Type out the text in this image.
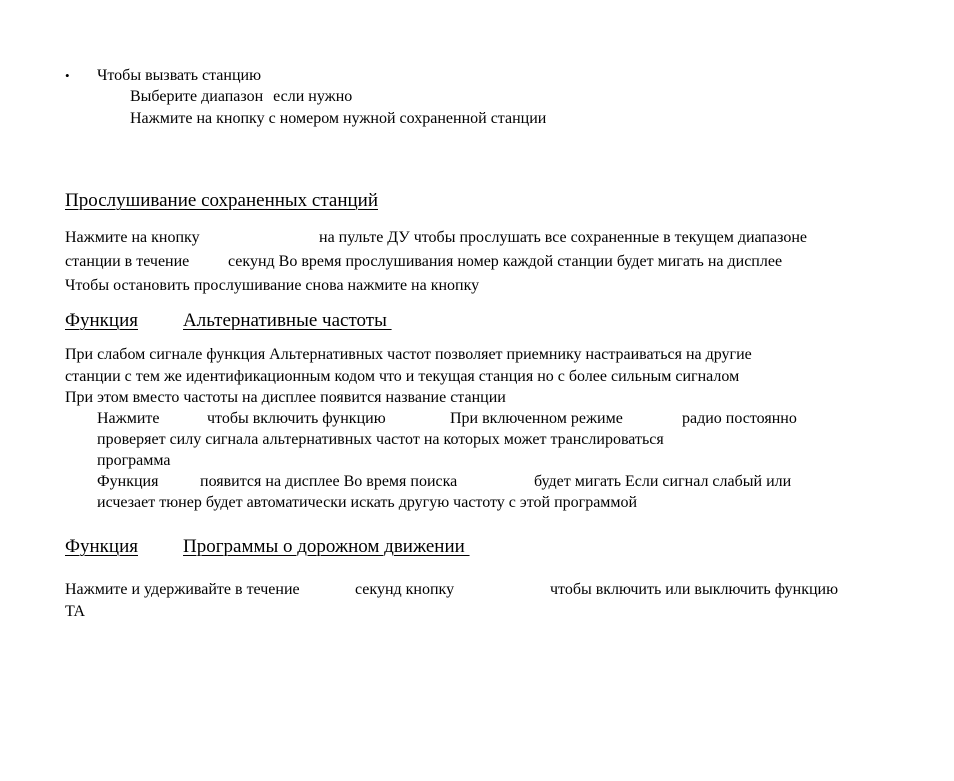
• Чтобы вызвать станцию
Выберите диапазон если нужно
Нажмите на кнопку с номером нужной сохраненной станции
Прослушивание сохраненных станций
Нажмите на кнопку	на пульте ДУ чтобы прослушать все сохраненные в текущем диапазоне
станции в течение секунд Во время прослушивания номер каждой станции будет мигать на дисплее
Чтобы остановить прослушивание снова нажмите на кнопку
Функция Альтернативные частоты
При слабом сигнале функция Альтернативных частот позволяет приемнику настраиваться на другие
станции с тем же идентификационным кодом что и текущая станция но с более сильным сигналом
При этом вместо частоты на дисплее появится название станции
Нажмите	чтобы включить функцию	При включенном режиме	радио постоянно
проверяет силу сигнала альтернативных частот на которых может транслироваться
программа
Функция	появится на дисплее Во время поиска	будет мигать Если сигнал слабый или
исчезает тюнер будет автоматически искать другую частоту с этой программой
Функция Программы о дорожном движении
Нажмите и удерживайте в течение	секунд кнопку	чтобы включить или выключить функцию
TA
